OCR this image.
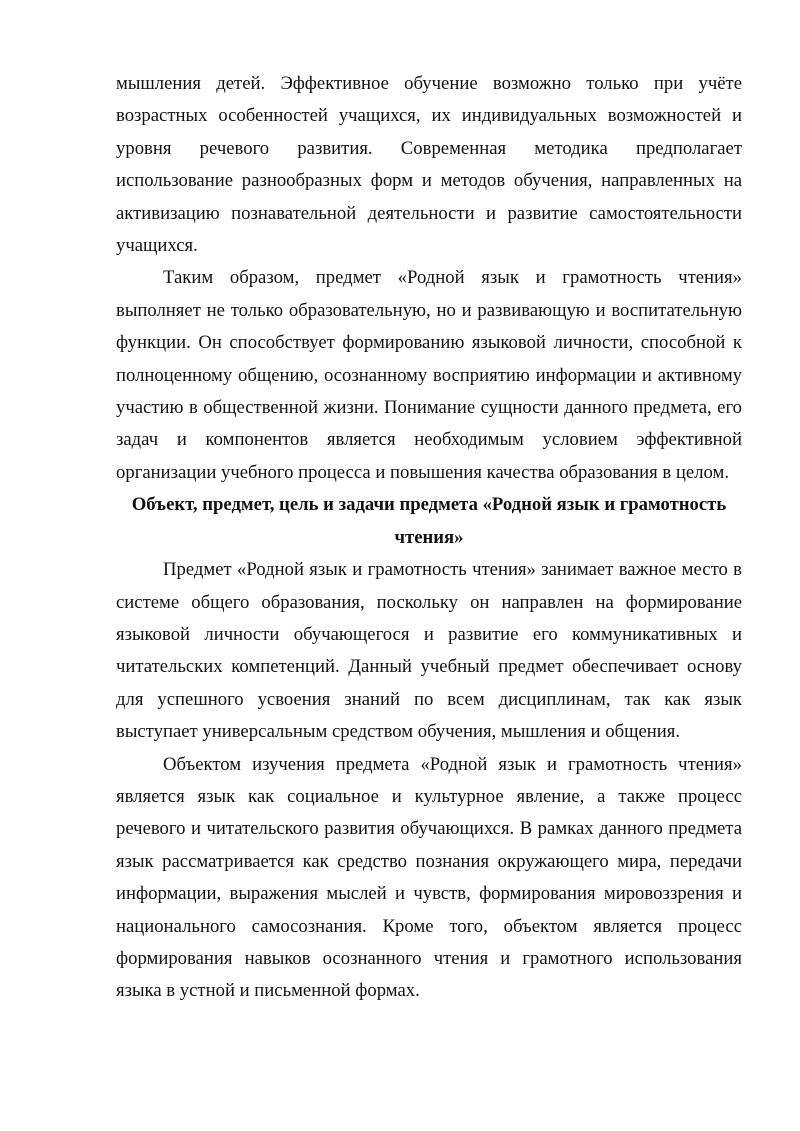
мышления детей. Эффективное обучение возможно только при учёте возрастных особенностей учащихся, их индивидуальных возможностей и уровня речевого развития. Современная методика предполагает использование разнообразных форм и методов обучения, направленных на активизацию познавательной деятельности и развитие самостоятельности учащихся.

Таким образом, предмет «Родной язык и грамотность чтения» выполняет не только образовательную, но и развивающую и воспитательную функции. Он способствует формированию языковой личности, способной к полноценному общению, осознанному восприятию информации и активному участию в общественной жизни. Понимание сущности данного предмета, его задач и компонентов является необходимым условием эффективной организации учебного процесса и повышения качества образования в целом.

Объект, предмет, цель и задачи предмета «Родной язык и грамотность чтения»

Предмет «Родной язык и грамотность чтения» занимает важное место в системе общего образования, поскольку он направлен на формирование языковой личности обучающегося и развитие его коммуникативных и читательских компетенций. Данный учебный предмет обеспечивает основу для успешного усвоения знаний по всем дисциплинам, так как язык выступает универсальным средством обучения, мышления и общения.

Объектом изучения предмета «Родной язык и грамотность чтения» является язык как социальное и культурное явление, а также процесс речевого и читательского развития обучающихся. В рамках данного предмета язык рассматривается как средство познания окружающего мира, передачи информации, выражения мыслей и чувств, формирования мировоззрения и национального самосознания. Кроме того, объектом является процесс формирования навыков осознанного чтения и грамотного использования языка в устной и письменной формах.
